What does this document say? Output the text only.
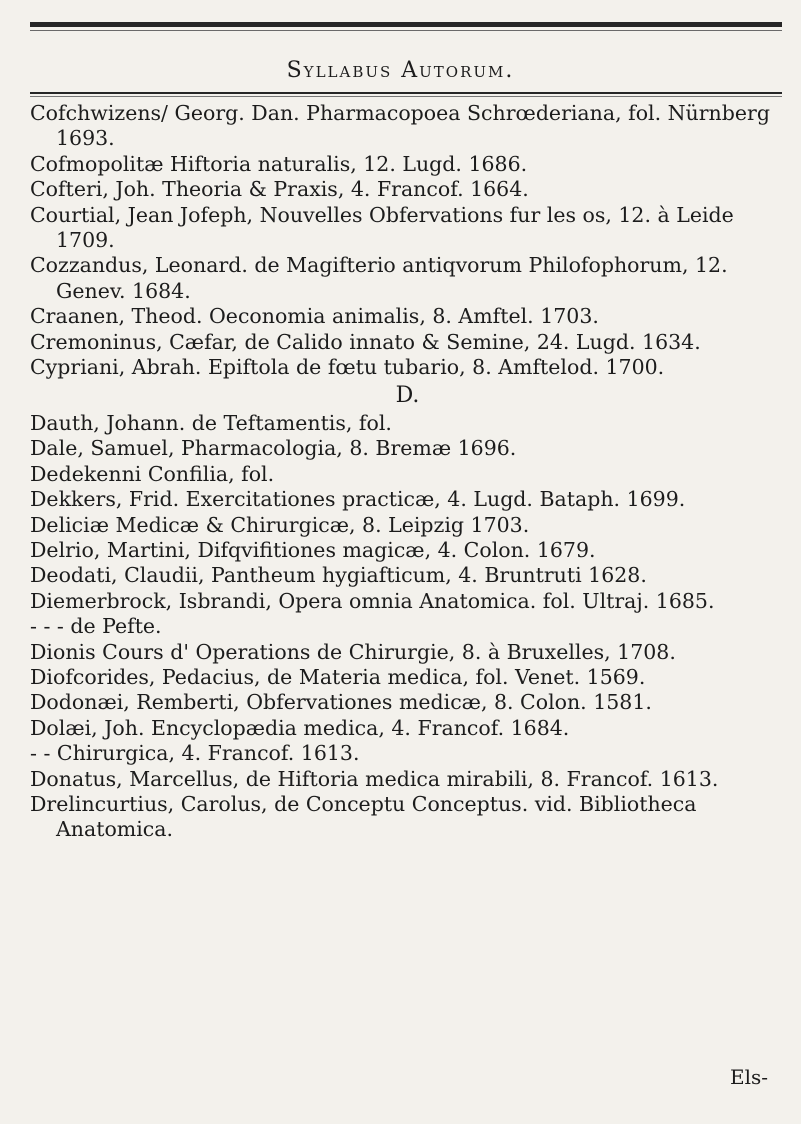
Syllabus Autorum.
Cofchwizens/ Georg. Dan. Pharmacopoea Schrœderiana, fol. Nürnberg 1693.
Cofmopolitæ Hiftoria naturalis, 12. Lugd. 1686.
Cofteri, Joh. Theoria & Praxis, 4. Francof. 1664.
Courtial, Jean Jofeph, Nouvelles Obfervations fur les os, 12. à Leide 1709.
Cozzandus, Leonard. de Magifterio antiqvorum Philofophorum, 12. Genev. 1684.
Craanen, Theod. Oeconomia animalis, 8. Amftel. 1703.
Cremoninus, Cæfar, de Calido innato & Semine, 24. Lugd. 1634.
Cypriani, Abrah. Epiftola de fœtu tubario, 8. Amftelod. 1700.
D.
Dauth, Johann. de Teftamentis, fol.
Dale, Samuel, Pharmacologia, 8. Bremæ 1696.
Dedekenni Confilia, fol.
Dekkers, Frid. Exercitationes practicæ, 4. Lugd. Bataph. 1699.
Deliciæ Medicæ & Chirurgicæ, 8. Leipzig 1703.
Delrio, Martini, Difqvifitiones magicæ, 4. Colon. 1679.
Deodati, Claudii, Pantheum hygiafticum, 4. Bruntruti 1628.
Diemerbrock, Isbrandi, Opera omnia Anatomica. fol. Ultraj. 1685.
- - - de Pefte.
Dionis Cours d' Operations de Chirurgie, 8. à Bruxelles, 1708.
Diofcorides, Pedacius, de Materia medica, fol. Venet. 1569.
Dodonæi, Remberti, Obfervationes medicæ, 8. Colon. 1581.
Dolæi, Joh. Encyclopædia medica, 4. Francof. 1684.
- - Chirurgica, 4. Francof. 1613.
Donatus, Marcellus, de Hiftoria medica mirabili, 8. Francof. 1613.
Drelincurtius, Carolus, de Conceptu Conceptus. vid. Bibliotheca Anatomica.
Els-
